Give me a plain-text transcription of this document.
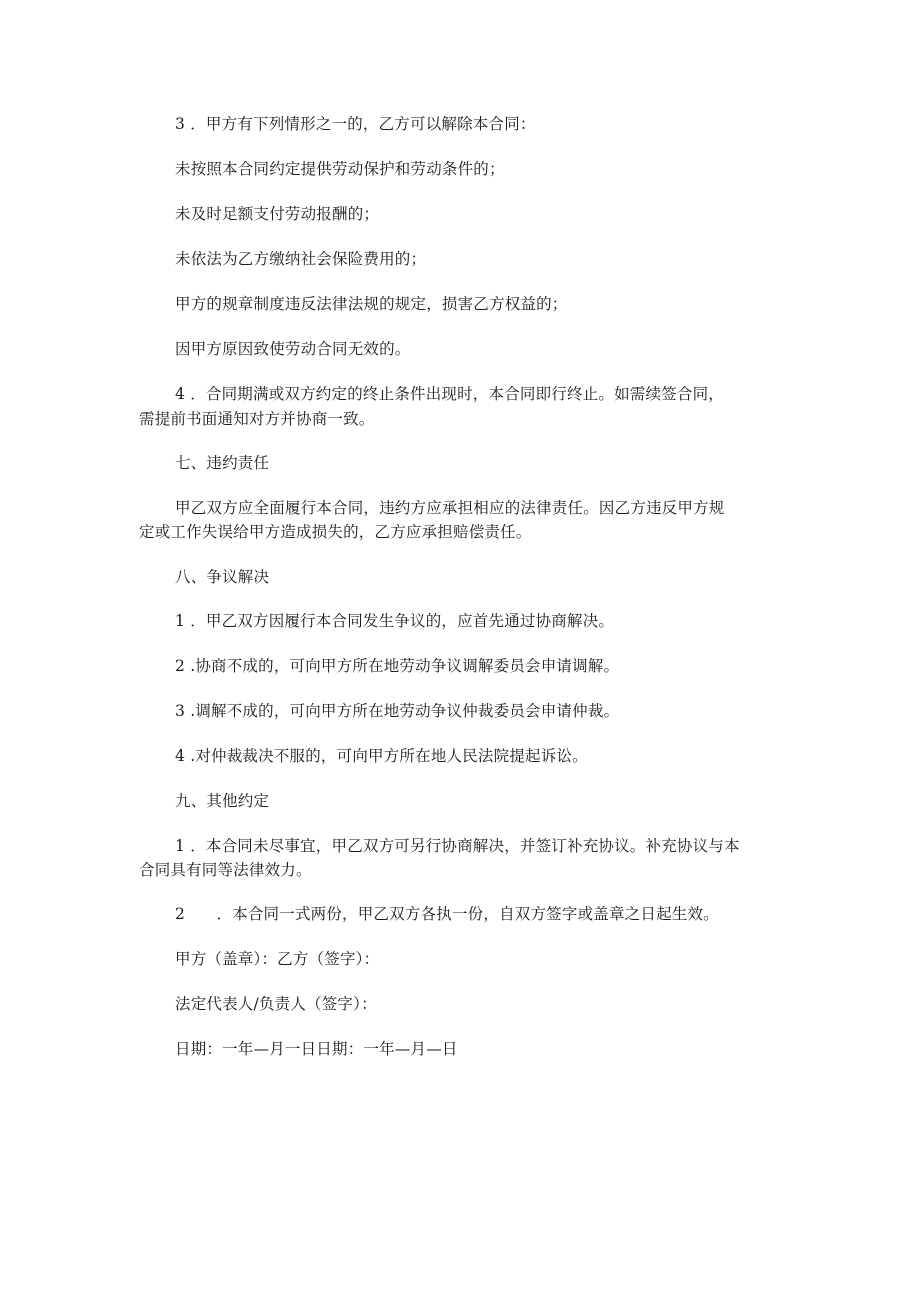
3 ．甲方有下列情形之一的，乙方可以解除本合同：
未按照本合同约定提供劳动保护和劳动条件的；
未及时足额支付劳动报酬的；
未依法为乙方缴纳社会保险费用的；
甲方的规章制度违反法律法规的规定，损害乙方权益的；
因甲方原因致使劳动合同无效的。
4 ．合同期满或双方约定的终止条件出现时，本合同即行终止。如需续签合同，
需提前书面通知对方并协商一致。
七、违约责任
甲乙双方应全面履行本合同，违约方应承担相应的法律责任。因乙方违反甲方规
定或工作失误给甲方造成损失的，乙方应承担赔偿责任。
八、争议解决
1 ．甲乙双方因履行本合同发生争议的，应首先通过协商解决。
2 .协商不成的，可向甲方所在地劳动争议调解委员会申请调解。
3 .调解不成的，可向甲方所在地劳动争议仲裁委员会申请仲裁。
4 .对仲裁裁决不服的，可向甲方所在地人民法院提起诉讼。
九、其他约定
1 ．本合同未尽事宜，甲乙双方可另行协商解决，并签订补充协议。补充协议与本
合同具有同等法律效力。
2　　．本合同一式两份，甲乙双方各执一份，自双方签字或盖章之日起生效。
甲方（盖章）：乙方（签字）：
法定代表人/负责人（签字）：
日期：一年—月一日日期：一年—月—日
